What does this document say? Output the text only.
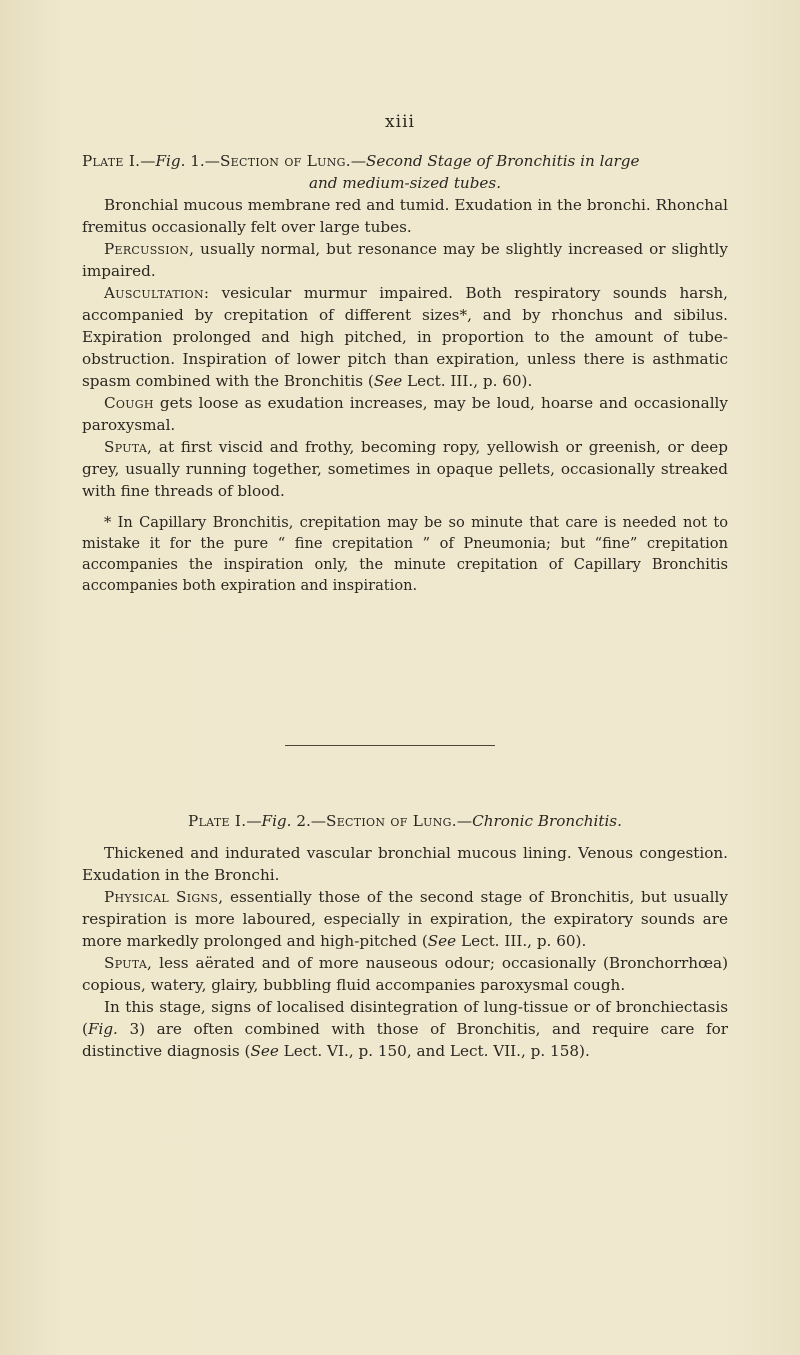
xiii

Plate I.—Fig. 1.—Section of Lung.—Second Stage of Bronchitis in large

and medium-sized tubes.

Bronchial mucous membrane red and tumid. Exudation in the bronchi. Rhonchal fremitus occasionally felt over large tubes.

Percussion, usually normal, but resonance may be slightly increased or slightly impaired.

Auscultation: vesicular murmur impaired. Both respiratory sounds harsh, accompanied by crepitation of different sizes*, and by rhonchus and sibilus. Expiration prolonged and high pitched, in proportion to the amount of tube-obstruction. Inspiration of lower pitch than expiration, unless there is asthmatic spasm combined with the Bronchitis (See Lect. III., p. 60).

Cough gets loose as exudation increases, may be loud, hoarse and occasionally paroxysmal.

Sputa, at first viscid and frothy, becoming ropy, yellowish or greenish, or deep grey, usually running together, sometimes in opaque pellets, occasionally streaked with fine threads of blood.

* In Capillary Bronchitis, crepitation may be so minute that care is needed not to mistake it for the pure “ fine crepitation ” of Pneumonia; but “fine” crepitation accompanies the inspiration only, the minute crepitation of Capillary Bronchitis accompanies both expiration and inspiration.

Plate I.—Fig. 2.—Section of Lung.—Chronic Bronchitis.

Thickened and indurated vascular bronchial mucous lining. Venous congestion. Exudation in the Bronchi.

Physical Signs, essentially those of the second stage of Bronchitis, but usually respiration is more laboured, especially in expiration, the expiratory sounds are more markedly prolonged and high-pitched (See Lect. III., p. 60).

Sputa, less aërated and of more nauseous odour; occasionally (Bronchorrhœa) copious, watery, glairy, bubbling fluid accompanies paroxysmal cough.

In this stage, signs of localised disintegration of lung-tissue or of bronchiectasis (Fig. 3) are often combined with those of Bronchitis, and require care for distinctive diagnosis (See Lect. VI., p. 150, and Lect. VII., p. 158).
